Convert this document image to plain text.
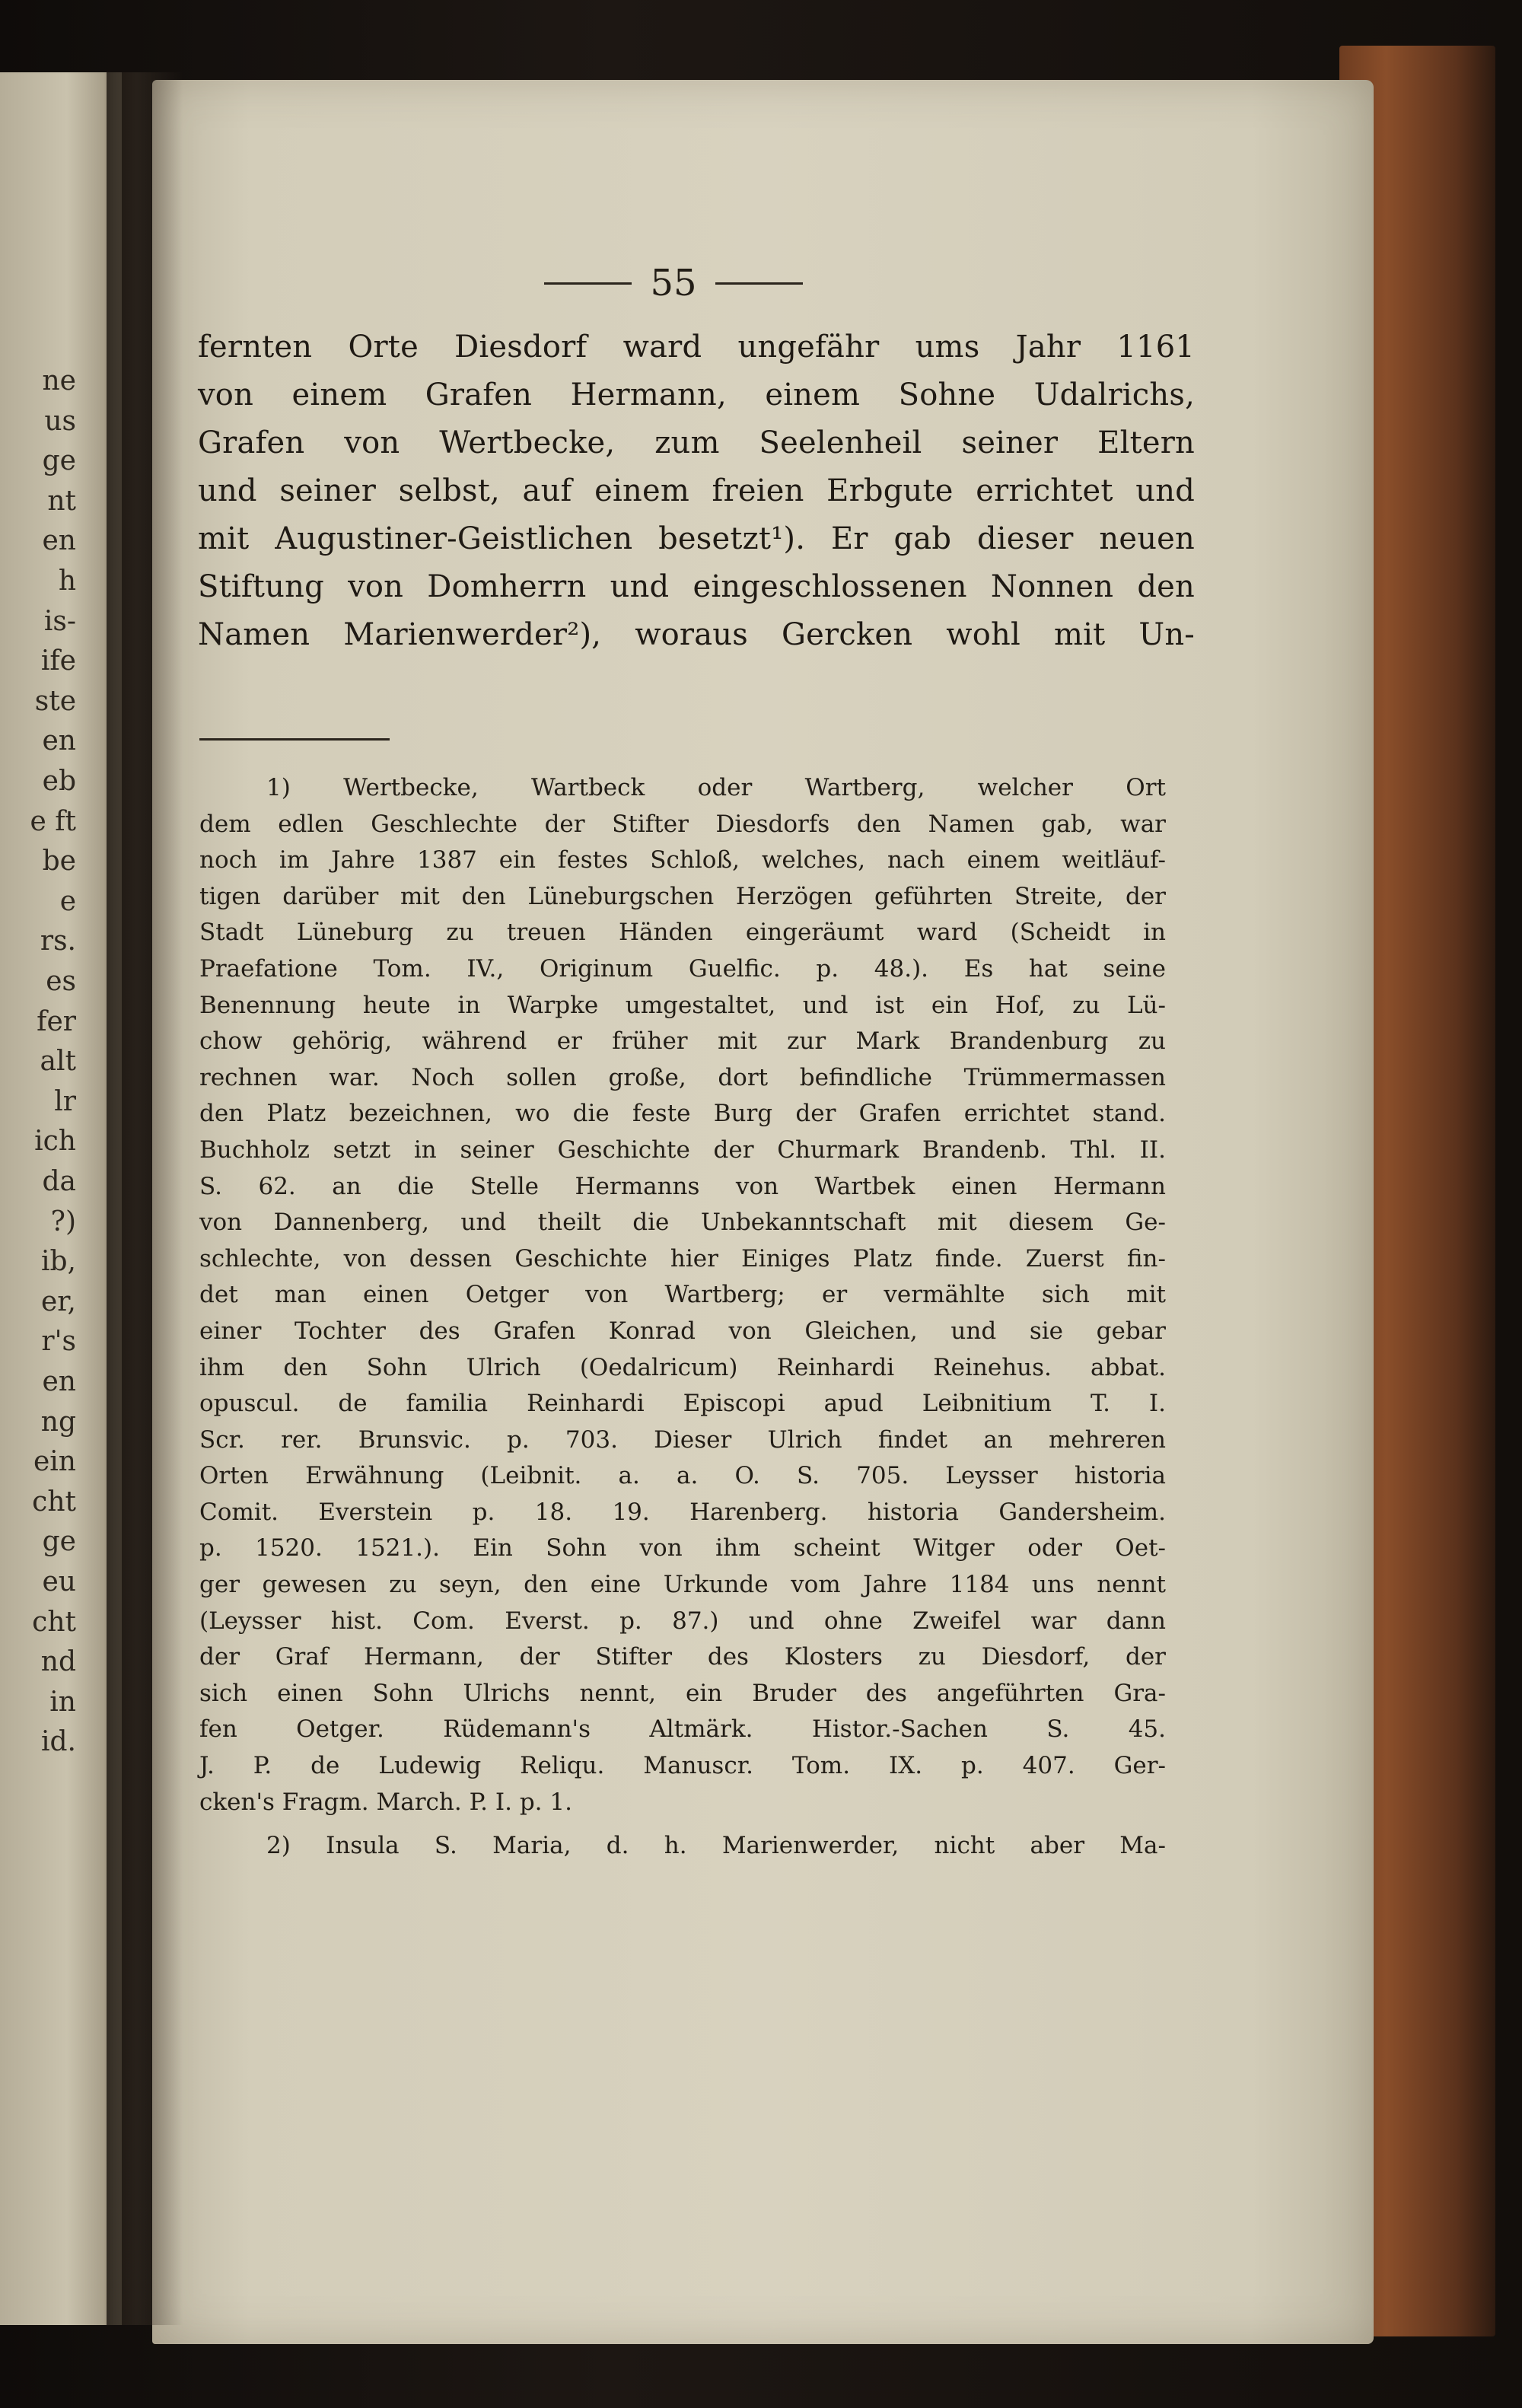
ne
us
ge
nt
en
h
is-
ife
ste
en
eb
e ft
be
e
rs.
es
fer
alt
lr
ich
da
?)
ib,
er,
r's
en
ng
ein
cht
ge
eu
cht
nd
in
id.
55
fernten Orte Diesdorf ward ungefähr ums Jahr 1161
von einem Grafen Hermann, einem Sohne Udalrichs,
Grafen von Wertbecke, zum Seelenheil seiner Eltern
und seiner selbst, auf einem freien Erbgute errichtet und
mit Augustiner-Geistlichen besetzt¹). Er gab dieser neuen
Stiftung von Domherrn und eingeschlossenen Nonnen den
Namen Marienwerder²), woraus Gercken wohl mit Un-
1) Wertbecke, Wartbeck oder Wartberg, welcher Ort
dem edlen Geschlechte der Stifter Diesdorfs den Namen gab, war
noch im Jahre 1387 ein festes Schloß, welches, nach einem weitläuf-
tigen darüber mit den Lüneburgschen Herzögen geführten Streite, der
Stadt Lüneburg zu treuen Händen eingeräumt ward (Scheidt in
Praefatione Tom. IV., Originum Guelfic. p. 48.). Es hat seine
Benennung heute in Warpke umgestaltet, und ist ein Hof, zu Lü-
chow gehörig, während er früher mit zur Mark Brandenburg zu
rechnen war. Noch sollen große, dort befindliche Trümmermassen
den Platz bezeichnen, wo die feste Burg der Grafen errichtet stand.
Buchholz setzt in seiner Geschichte der Churmark Brandenb. Thl. II.
S. 62. an die Stelle Hermanns von Wartbek einen Hermann
von Dannenberg, und theilt die Unbekanntschaft mit diesem Ge-
schlechte, von dessen Geschichte hier Einiges Platz finde. Zuerst fin-
det man einen Oetger von Wartberg; er vermählte sich mit
einer Tochter des Grafen Konrad von Gleichen, und sie gebar
ihm den Sohn Ulrich (Oedalricum) Reinhardi Reinehus. abbat.
opuscul. de familia Reinhardi Episcopi apud Leibnitium T. I.
Scr. rer. Brunsvic. p. 703. Dieser Ulrich findet an mehreren
Orten Erwähnung (Leibnit. a. a. O. S. 705. Leysser historia
Comit. Everstein p. 18. 19. Harenberg. historia Gandersheim.
p. 1520. 1521.). Ein Sohn von ihm scheint Witger oder Oet-
ger gewesen zu seyn, den eine Urkunde vom Jahre 1184 uns nennt
(Leysser hist. Com. Everst. p. 87.) und ohne Zweifel war dann
der Graf Hermann, der Stifter des Klosters zu Diesdorf, der
sich einen Sohn Ulrichs nennt, ein Bruder des angeführten Gra-
fen Oetger. Rüdemann's Altmärk. Histor.-Sachen S. 45.
J. P. de Ludewig Reliqu. Manuscr. Tom. IX. p. 407. Ger-
cken's Fragm. March. P. I. p. 1.
2) Insula S. Maria, d. h. Marienwerder, nicht aber Ma-
